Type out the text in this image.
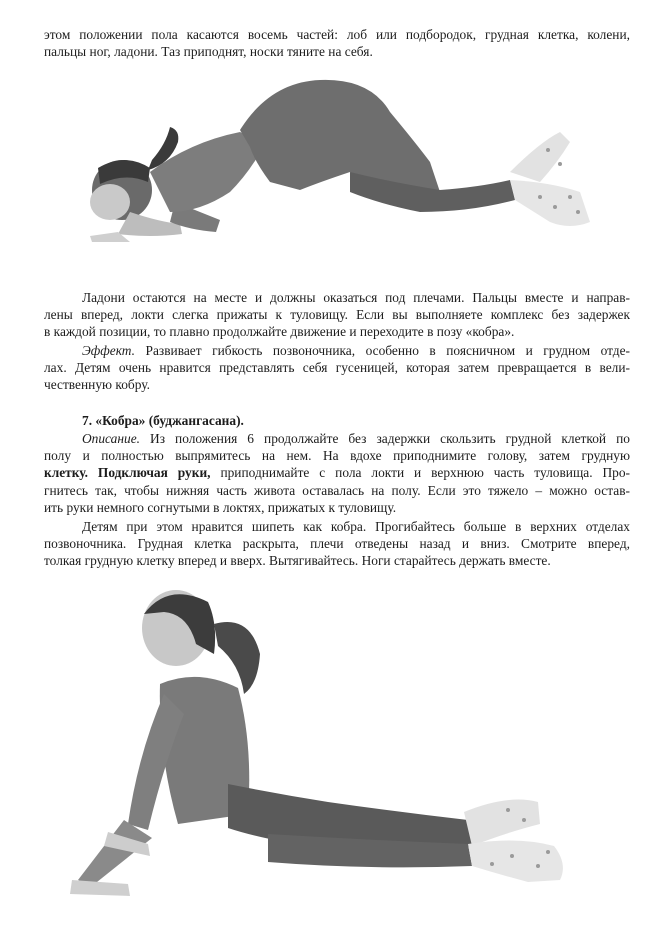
этом положении пола касаются восемь частей: лоб или подбородок, грудная клетка, колени,
пальцы ног, ладони. Таз приподнят, носки тяните на себя.

Ладони остаются на месте и должны оказаться под плечами. Пальцы вместе и направ-
лены вперед, локти слегка прижаты к туловищу. Если вы выполняете комплекс без задержек
в каждой позиции, то плавно продолжайте движение и переходите в позу «кобра».

Эффект. Развивает гибкость позвоночника, особенно в поясничном и грудном отде-
лах. Детям очень нравится представлять себя гусеницей, которая затем превращается в вели-
чественную кобру.

7. «Кобра» (буджангасана).

Описание. Из положения 6 продолжайте без задержки скользить грудной клеткой по
полу и полностью выпрямитесь на нем. На вдохе приподнимите голову, затем грудную
клетку. Подключая руки, приподнимайте с пола локти и верхнюю часть туловища. Про-
гнитесь так, чтобы нижняя часть живота оставалась на полу. Если это тяжело – можно остав-
ить руки немного согнутыми в локтях, прижатых к туловищу.

Детям при этом нравится шипеть как кобра. Прогибайтесь больше в верхних отделах
позвоночника. Грудная клетка раскрыта, плечи отведены назад и вниз. Смотрите вперед,
толкая грудную клетку вперед и вверх. Вытягивайтесь. Ноги старайтесь держать вместе.
